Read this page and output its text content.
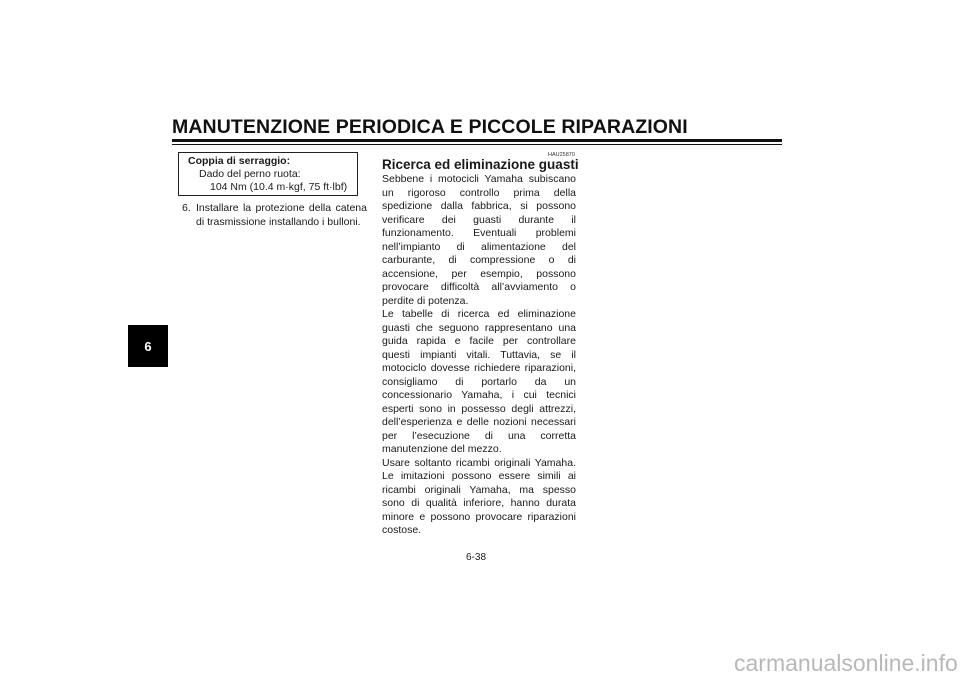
MANUTENZIONE PERIODICA E PICCOLE RIPARAZIONI
6
Coppia di serraggio:
Dado del perno ruota:
104 Nm (10.4 m·kgf, 75 ft·lbf)
6. Installare la protezione della catena di trasmissione installando i bulloni.
HAU25870
Ricerca ed eliminazione guasti

Sebbene i motocicli Yamaha subiscano un rigoroso controllo prima della spedizione dalla fabbrica, si possono verificare dei guasti durante il funzionamento. Eventuali problemi nell’impianto di alimentazione del carburante, di compressione o di accensione, per esempio, possono provocare difficoltà all’avviamento o perdite di potenza.

Le tabelle di ricerca ed eliminazione guasti che seguono rappresentano una guida rapida e facile per controllare questi impianti vitali. Tuttavia, se il motociclo dovesse richiedere riparazioni, consigliamo di portarlo da un concessionario Yamaha, i cui tecnici esperti sono in possesso degli attrezzi, dell’esperienza e delle nozioni necessari per l’esecuzione di una corretta manutenzione del mezzo.

Usare soltanto ricambi originali Yamaha. Le imitazioni possono essere simili ai ricambi originali Yamaha, ma spesso sono di qualità inferiore, hanno durata minore e possono provocare riparazioni costose.

6-38
carmanualsonline.info
